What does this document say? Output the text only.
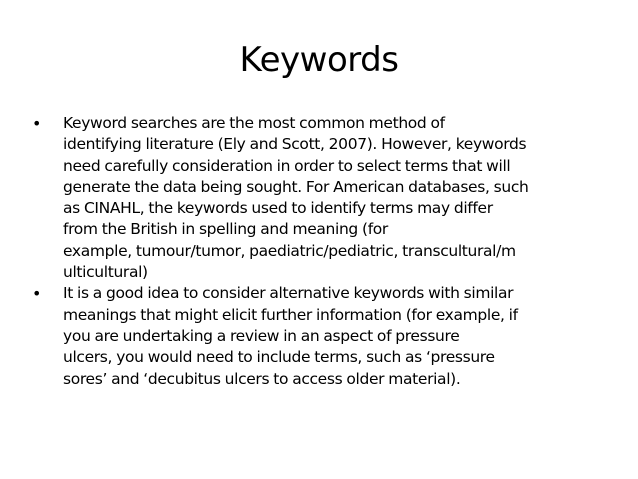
Keywords
• Keyword searches are the most common method of
identifying literature (Ely and Scott, 2007). However, keywords
need carefully consideration in order to select terms that will
generate the data being sought. For American databases, such
as CINAHL, the keywords used to identify terms may differ
from the British in spelling and meaning (for
example, tumour/tumor, paediatric/pediatric, transcultural/m
ulticultural)
• It is a good idea to consider alternative keywords with similar
meanings that might elicit further information (for example, if
you are undertaking a review in an aspect of pressure
ulcers, you would need to include terms, such as ‘pressure
sores’ and ‘decubitus ulcers to access older material).
